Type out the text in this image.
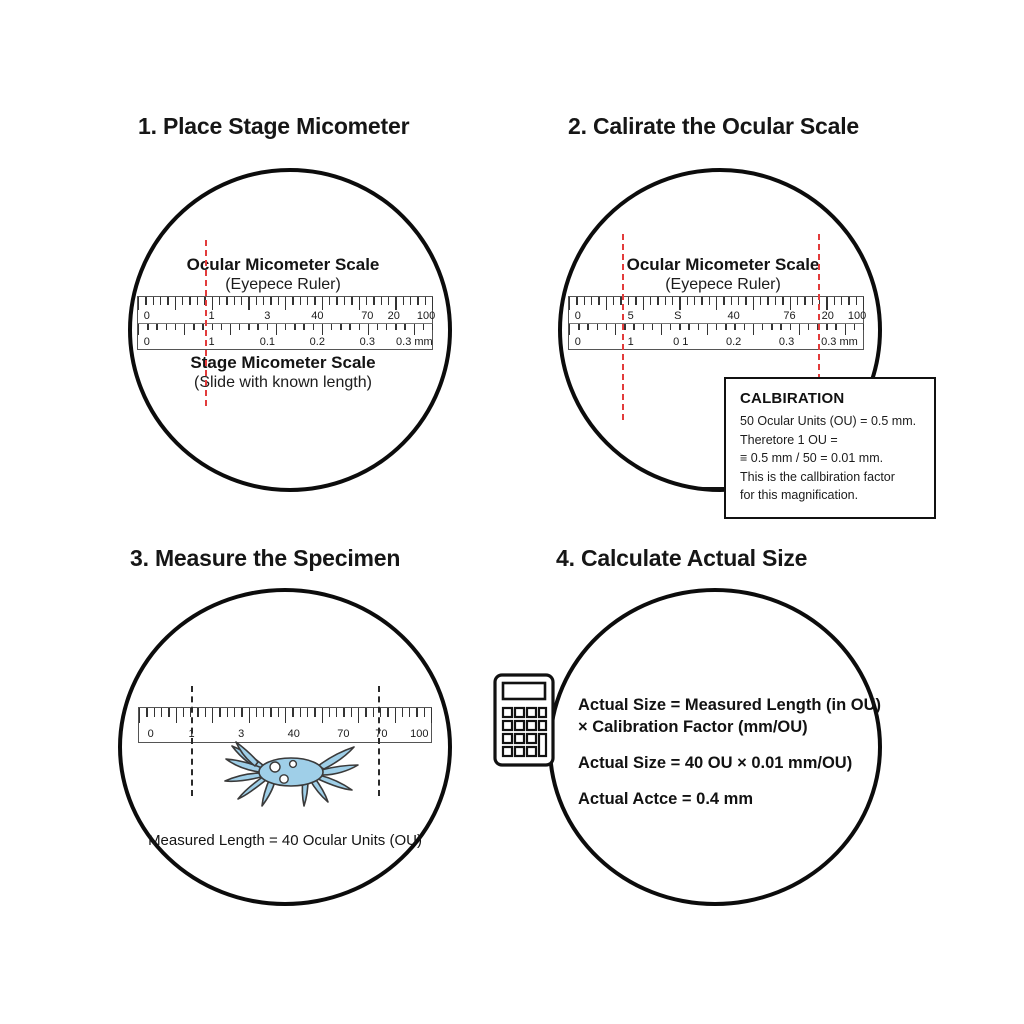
1. Place Stage Micometer
Ocular Micometer Scale
(Eyepece Ruler)
0	1	3	40	70 20 100
0	1	0.1	0.2	0.3 0.3 mm
Stage Micometer Scale
(Slide with known length)
2. Calirate the Ocular Scale
Ocular Micometer Scale
(Eyepece Ruler)
0	5	S	40	76 20 100
0	1	0 1	0.2	0.3 0.3 mm
CALBIRATION
50 Ocular Units (OU) = 0.5 mm.
Theretore 1 OU =
≡ 0.5 mm / 50 = 0.01 mm.
This is the callbiration factor
for this magnification.
3. Measure the Specimen
0	1	3	40	70 70 100
Measured Length = 40 Ocular Units (OU)
4. Calculate Actual Size
Actual Size = Measured Length (in OU)
× Calibration Factor (mm/OU)
Actual Size = 40 OU × 0.01 mm/OU)
Actual Actce = 0.4 mm
